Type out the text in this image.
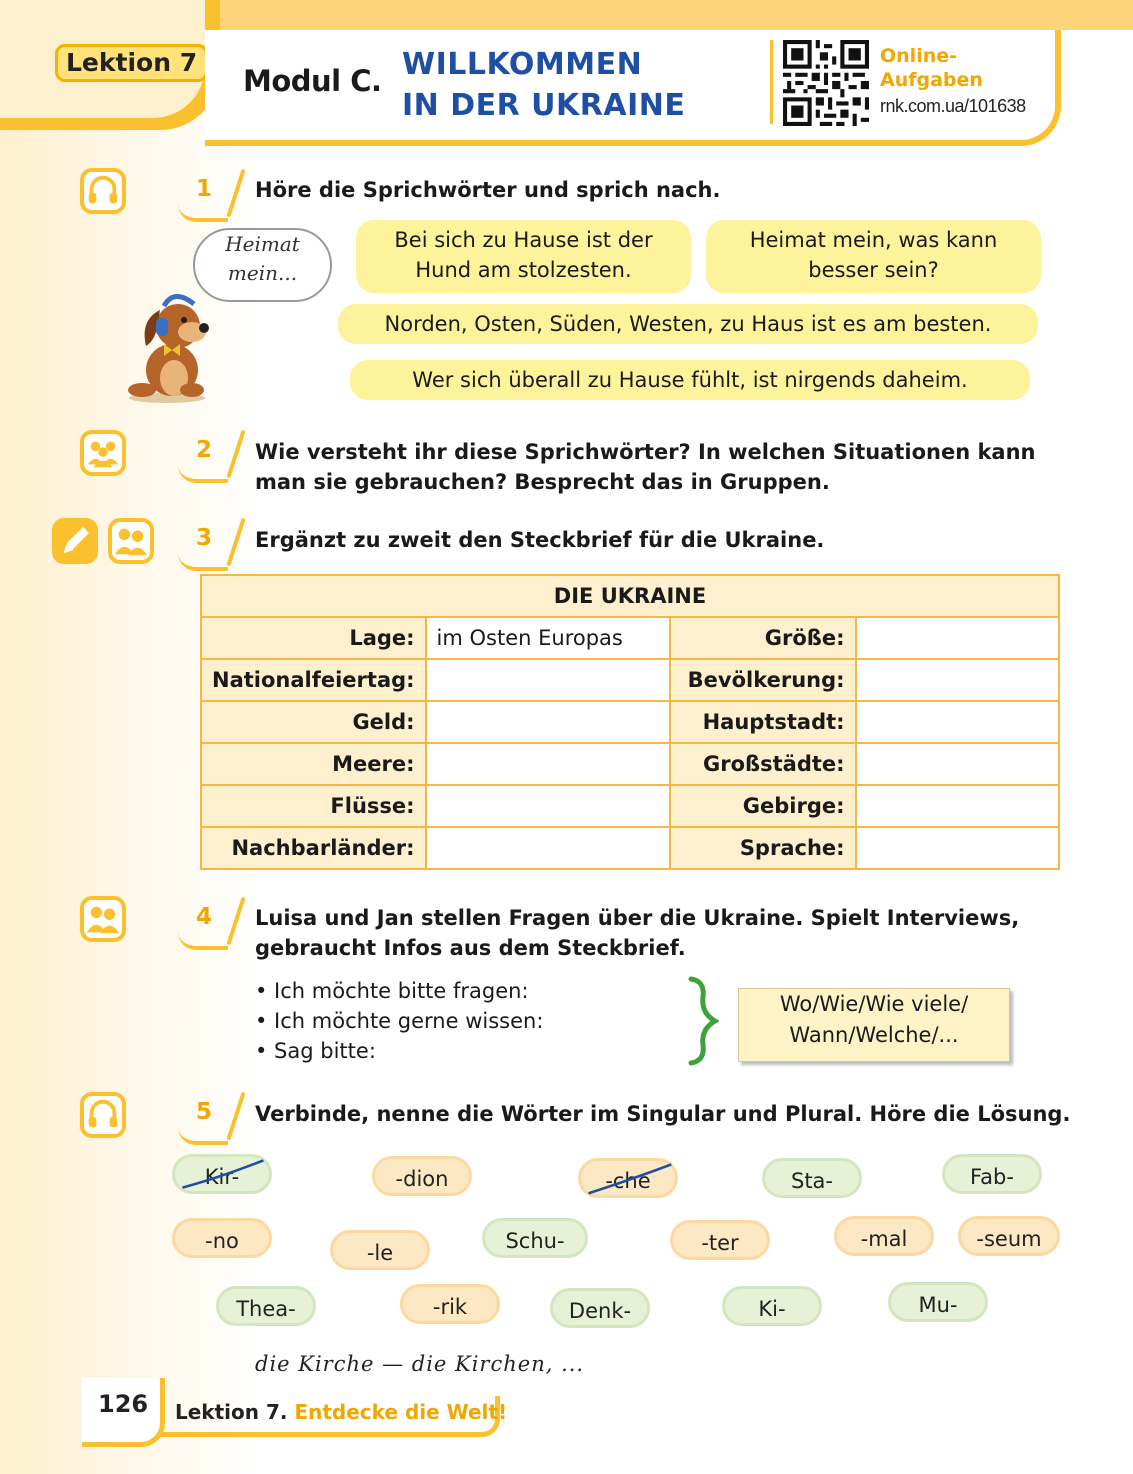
Lektion 7
Modul C. WILLKOMMEN
IN DER UKRAINE
Online-
Aufgaben
rnk.com.ua/101638
1	Höre die Sprichwörter und sprich nach.
Heimat
mein...
Bei sich zu Hause ist der
Hund am stolzesten.
Heimat mein, was kann
besser sein?
Norden, Osten, Süden, Westen, zu Haus ist es am besten.
Wer sich überall zu Hause fühlt, ist nirgends daheim.
2	Wie versteht ihr diese Sprichwörter? In welchen Situationen kann
man sie gebrauchen? Besprecht das in Gruppen.
3	Ergänzt zu zweit den Steckbrief für die Ukraine.
DIE UKRAINE			
Lage:	im Osten Europas	Größe:	
Nationalfeiertag:		Bevölkerung:	
Geld:		Hauptstadt:	
Meere:		Großstädte:	
Flüsse:		Gebirge:	
Nachbarländer:		Sprache:	
4	Luisa und Jan stellen Fragen über die Ukraine. Spielt Interviews,
gebraucht Infos aus dem Steckbrief.
• Ich möchte bitte fragen:
• Ich möchte gerne wissen:
• Sag bitte:
Wo/Wie/Wie viele/
Wann/Welche/...
5	Verbinde, nenne die Wörter im Singular und Plural. Höre die Lösung.
Kir-	-dion	-che	Sta-	Fab-
-no	-le	Schu-	-ter	-mal	-seum
Thea-	-rik	Denk-	Ki-	Mu-
die Kirche — die Kirchen, ...
126 Lektion 7. Entdecke die Welt!
